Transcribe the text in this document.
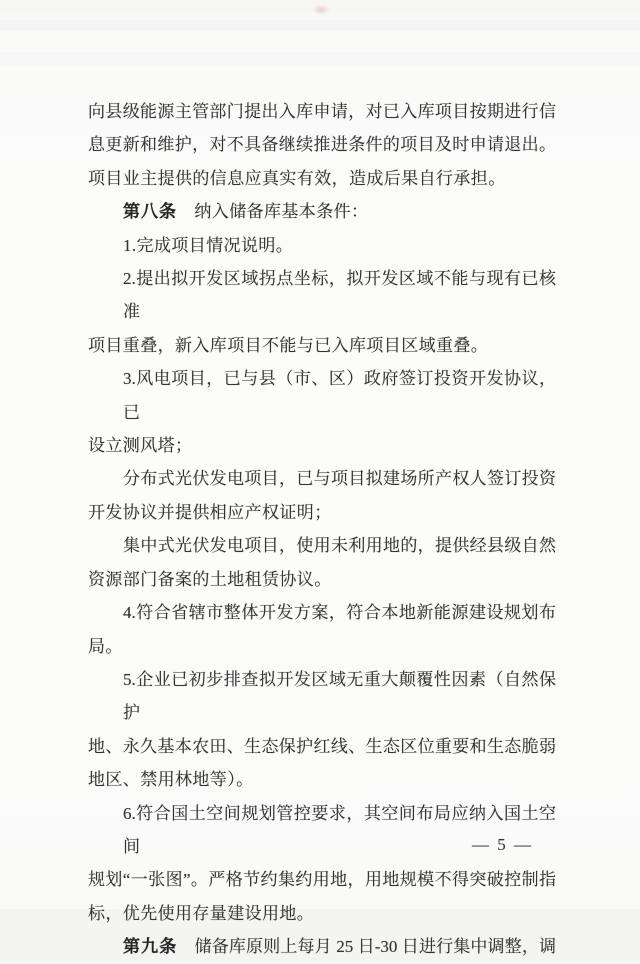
向县级能源主管部门提出入库申请，对已入库项目按期进行信
息更新和维护，对不具备继续推进条件的项目及时申请退出。
项目业主提供的信息应真实有效，造成后果自行承担。
第八条　纳入储备库基本条件：
1.完成项目情况说明。
2.提出拟开发区域拐点坐标，拟开发区域不能与现有已核准
项目重叠，新入库项目不能与已入库项目区域重叠。
3.风电项目，已与县（市、区）政府签订投资开发协议，已
设立测风塔；
分布式光伏发电项目，已与项目拟建场所产权人签订投资
开发协议并提供相应产权证明；
集中式光伏发电项目，使用未利用地的，提供经县级自然
资源部门备案的土地租赁协议。
4.符合省辖市整体开发方案，符合本地新能源建设规划布
局。
5.企业已初步排查拟开发区域无重大颠覆性因素（自然保护
地、永久基本农田、生态保护红线、生态区位重要和生态脆弱
地区、禁用林地等）。
6.符合国土空间规划管控要求，其空间布局应纳入国土空间
规划“一张图”。严格节约集约用地，用地规模不得突破控制指
标，优先使用存量建设用地。
第九条　储备库原则上每月 25 日-30 日进行集中调整，调
— 5 —
